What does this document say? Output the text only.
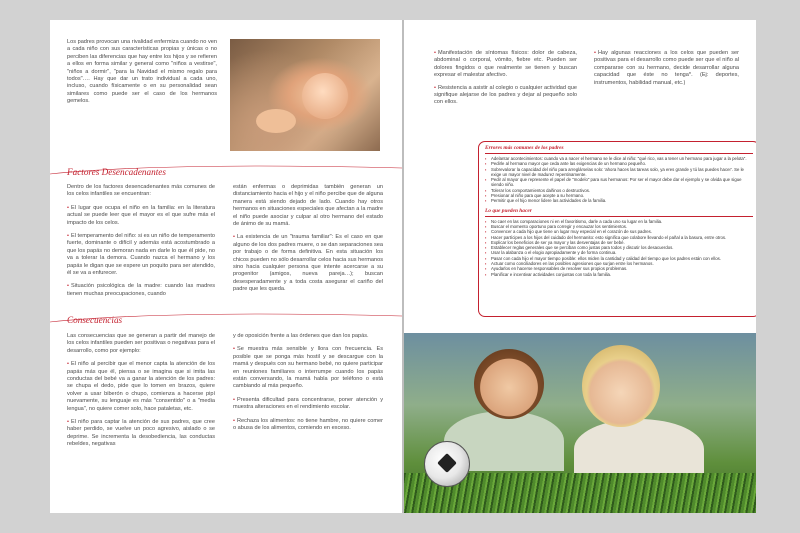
Los padres provocan una rivalidad enfermiza cuando no ven a cada niño con sus características propias y únicas o no perciben las diferencias que hay entre los hijos y se refieren a ellos en forma similar y general como "niños a vestirse", "niños a dormir", "para la Navidad el mismo regalo para todos"…. Hay que dar un trato individual a cada uno, incluso, cuando físicamente o en su personalidad sean similares como puede ser el caso de los hermanos gemelos.

Factores Desencadenantes

Dentro de los factores desencadenantes más comunes de los celos infantiles se encuentran:

• El lugar que ocupa el niño en la familia: en la literatura actual se puede leer que el mayor es el que sufre más el impacto de los celos.

• El temperamento del niño: si es un niño de temperamento fuerte, dominante o difícil y además está acostumbrado a que los papás no demoran nada en darle lo que él pide, no va a tolerar la demora. Cuando nazca el hermano y los papás le digan que se espere un poquito para ser atendido, él se va a enfurecer.

• Situación psicológica de la madre: cuando las madres tienen muchas preocupaciones, cuando

están enfermas o deprimidas también generan un distanciamiento hacia el hijo y el niño percibe que de alguna manera está siendo dejado de lado. Cuando hay otros hermanos en situaciones especiales que afectan a la madre el niño puede asociar y culpar al otro hermano del estado de ánimo de su mamá.

• La existencia de un "trauma familiar": Es el caso en que alguno de los dos padres muere, o se dan separaciones sea por trabajo o de forma definitiva. En esta situación los chicos pueden no sólo desarrollar celos hacia sus hermanos sino hacia cualquier persona que intente acercarse a su progenitor (amigos, nueva pareja…); buscan desesperadamente y a toda costa asegurar el cariño del padre que les queda.

Consecuencias

Las consecuencias que se generan a partir del manejo de los celos infantiles pueden ser positivas o negativas para el desarrollo, como por ejemplo:

• El niño al percibir que el menor capta la atención de los papás más que él, piensa o se imagina que si imita las conductas del bebé va a ganar la atención de los padres: se chupa el dedo, pide que lo tomen en brazos, quiere volver a usar biberón o chupo, comienza a hacerse pipí nuevamente, su lenguaje es más "consentido" o a "media lengua", no quiere comer solo, hace pataletas, etc.

• El niño para captar la atención de sus padres, que cree haber perdido, se vuelve un poco agresivo, aislado o se deprime. Se incrementa la desobediencia, las conductas rebeldes, negativas

y de oposición frente a las órdenes que dan los papás.

• Se muestra más sensible y llora con frecuencia. Es posible que se ponga más hostil y se descargue con la mamá y después con su hermano bebé, no quiere participar en reuniones familiares o interrumpe cuando los papás están conversando, la mamá habla por teléfono o está cambiando al más pequeño.

• Presenta dificultad para concentrarse, poner atención y muestra alteraciones en el rendimiento escolar.

• Rechaza los alimentos: no tiene hambre, no quiere comer o abusa de los alimentos, comiendo en exceso.

• Manifestación de síntomas físicos: dolor de cabeza, abdominal o corporal, vómito, fiebre etc. Pueden ser dolores fingidos o que realmente se tienen y buscan expresar el malestar afectivo.

• Resistencia a asistir al colegio o cualquier actividad que signifique alejarse de los padres y dejar al pequeño solo con ellos.

• Hay algunas reacciones a los celos que pueden ser positivas para el desarrollo como puede ser que el niño al compararse con su hermano, decide desarrollar alguna capacidad que éste no tenga*. (Ej: deportes, instrumentos, habilidad manual, etc.)

Errores más comunes de los padres
▪ Adelantar acontecimientos: cuando va a nacer el hermano se le dice al niño: "qué rico, vas a tener un hermano para jugar a la pelota".
▪ Pedirle al hermano mayor que ceda ante las exigencias de un hermano pequeño.
▪ Sobrevalorar la capacidad del niño para arreglárselas solo: 'ahora haces las tareas solo, ya eres grande y tú las puedes hacer'. Se le exige un mayor nivel de madurez repentinamente.
▪ Pedir al mayor que represente el papel de "modelo" para sus hermanos: Por ser el mayor debe dar el ejemplo y se olvida que sigue siendo niño.
▪ Tolerar los comportamientos dañinos o destructivos.
▪ Presionar al niño para que acepte a su hermano.
▪ Permitir que el hijo menor lidere las actividades de la familia.
Lo que pueden hacer
▪ No caer en las comparaciones ni en el favoritismo, darle a cada uno su lugar en la familia.
▪ Buscar el momento oportuno para corregir y encauzar los sentimientos.
▪ Convencer a cada hijo que tiene un lugar muy especial en el corazón de sus padres.
▪ Hacer partícipes a los hijos del cuidado del hermanito: esto significa que colabore llevando el pañal a la basura, entre otros.
▪ Explicar los beneficios de ser ya mayor y las desventajas de ser bebé.
▪ Establecer reglas generales que se perciban como justas para todos y discutir los desacuerdos.
▪ Usar la alabanza o el elogio apropiadamente y de forma continua.
▪ Pasar con cada hijo el mayor tiempo posible: ellos miden la cantidad y calidad del tiempo que los padres están con ellos.
▪ Actuar como conciliadores en las posibles agresiones que surjan entre los hermanos.
▪ Ayudarlos en hacerse responsables de resolver sus propios problemas.
▪ Planificar e incentivar actividades conjuntas con toda la familia.
